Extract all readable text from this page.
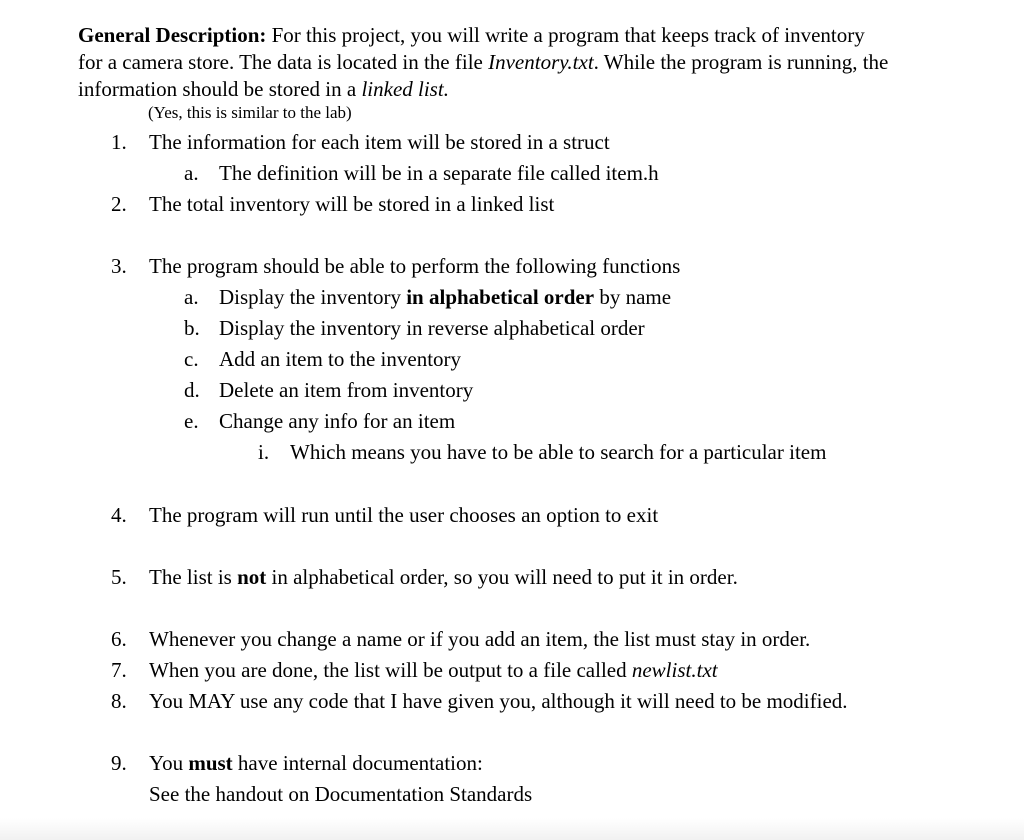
General Description: For this project, you will write a program that keeps track of inventory
for a camera store. The data is located in the file Inventory.txt. While the program is running, the
information should be stored in a linked list.
(Yes, this is similar to the lab)
1.	The information for each item will be stored in a struct
a. The definition will be in a separate file called item.h
2.	The total inventory will be stored in a linked list
3.	The program should be able to perform the following functions
a. Display the inventory in alphabetical order by name
b. Display the inventory in reverse alphabetical order
c. Add an item to the inventory
d. Delete an item from inventory
e. Change any info for an item
i. Which means you have to be able to search for a particular item
4.	The program will run until the user chooses an option to exit
5.	The list is not in alphabetical order, so you will need to put it in order.
6.	Whenever you change a name or if you add an item, the list must stay in order.
7.	When you are done, the list will be output to a file called newlist.txt
8.	You MAY use any code that I have given you, although it will need to be modified.
9.	You must have internal documentation:
See the handout on Documentation Standards
